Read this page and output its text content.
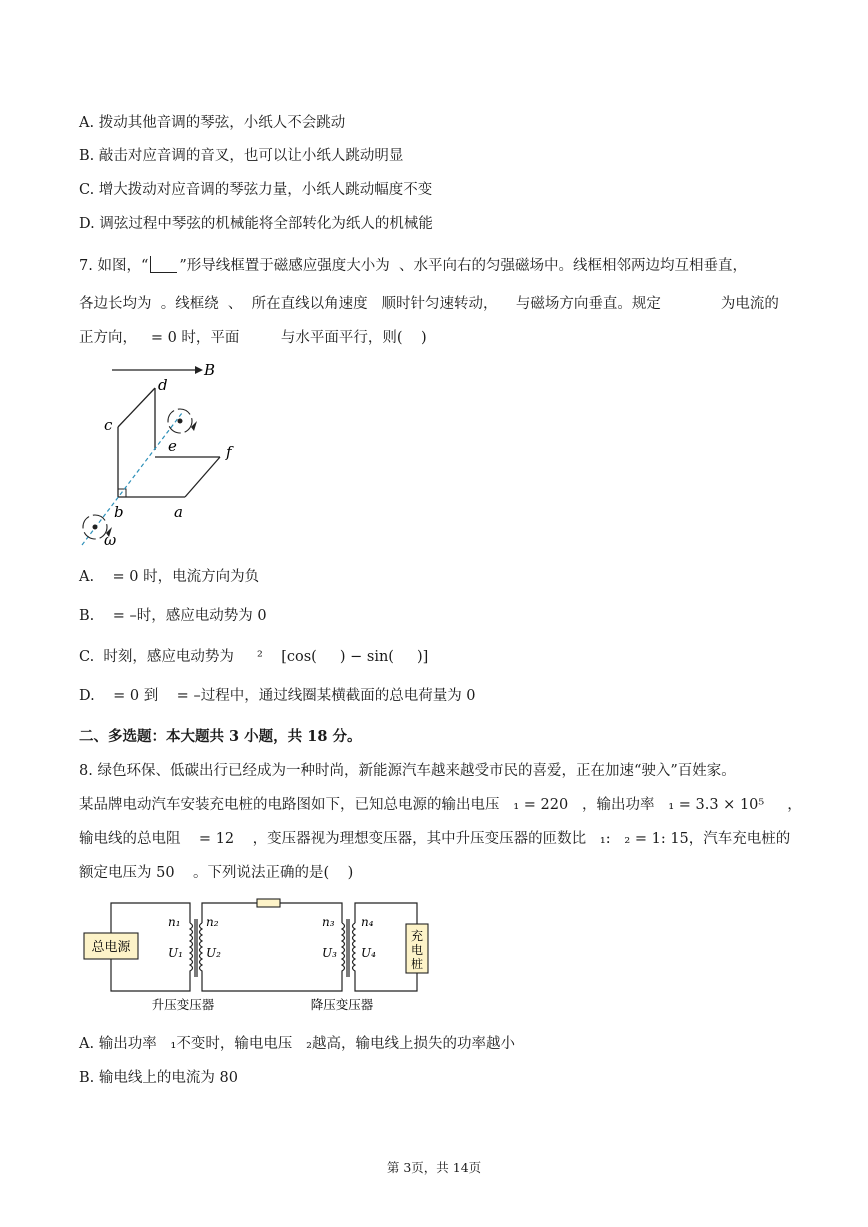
A. 拨动其他音调的琴弦，小纸人不会跳动
B. 敲击对应音调的音叉，也可以让小纸人跳动明显
C. 增大拨动对应音调的琴弦力量，小纸人跳动幅度不变
D. 调弦过程中琴弦的机械能将全部转化为纸人的机械能
7. 如图，“ ”形导线框置于磁感应强度大小为  、水平向右的匀强磁场中。线框相邻两边均互相垂直，
各边长均为  。线框绕  、  所在直线以角速度   顺时针匀速转动，    与磁场方向垂直。规定             为电流的
正方向，   = 0 时，平面         与水平面平行，则(    )
B
c
d
e	f
b	a
ω
A.    = 0 时，电流方向为负
B.    = –时，感应电动势为 0
C.  时刻，感应电动势为     ²    [cos(     ) − sin(     )]
D.    = 0 到    = –过程中，通过线圈某横截面的总电荷量为 0
二、多选题：本大题共 3 小题，共 18 分。
8. 绿色环保、低碳出行已经成为一种时尚，新能源汽车越来越受市民的喜爱，正在加速“驶入”百姓家。
某品牌电动汽车安装充电桩的电路图如下，已知总电源的输出电压   ₁ = 220   ，输出功率   ₁ = 3.3 × 10⁵     ，
输电线的总电阻    = 12    ，变压器视为理想变压器，其中升压变压器的匝数比   ₁:   ₂ = 1: 15，汽车充电桩的
额定电压为 50    。下列说法正确的是(    )
总电源
充
电
桩
n₁
U₁
n₂
U₂
n₃
U₃
n₄
U₄
升压变压器	降压变压器
A. 输出功率   ₁不变时，输电电压   ₂越高，输电线上损失的功率越小
B. 输电线上的电流为 80
第 3页，共 14页
